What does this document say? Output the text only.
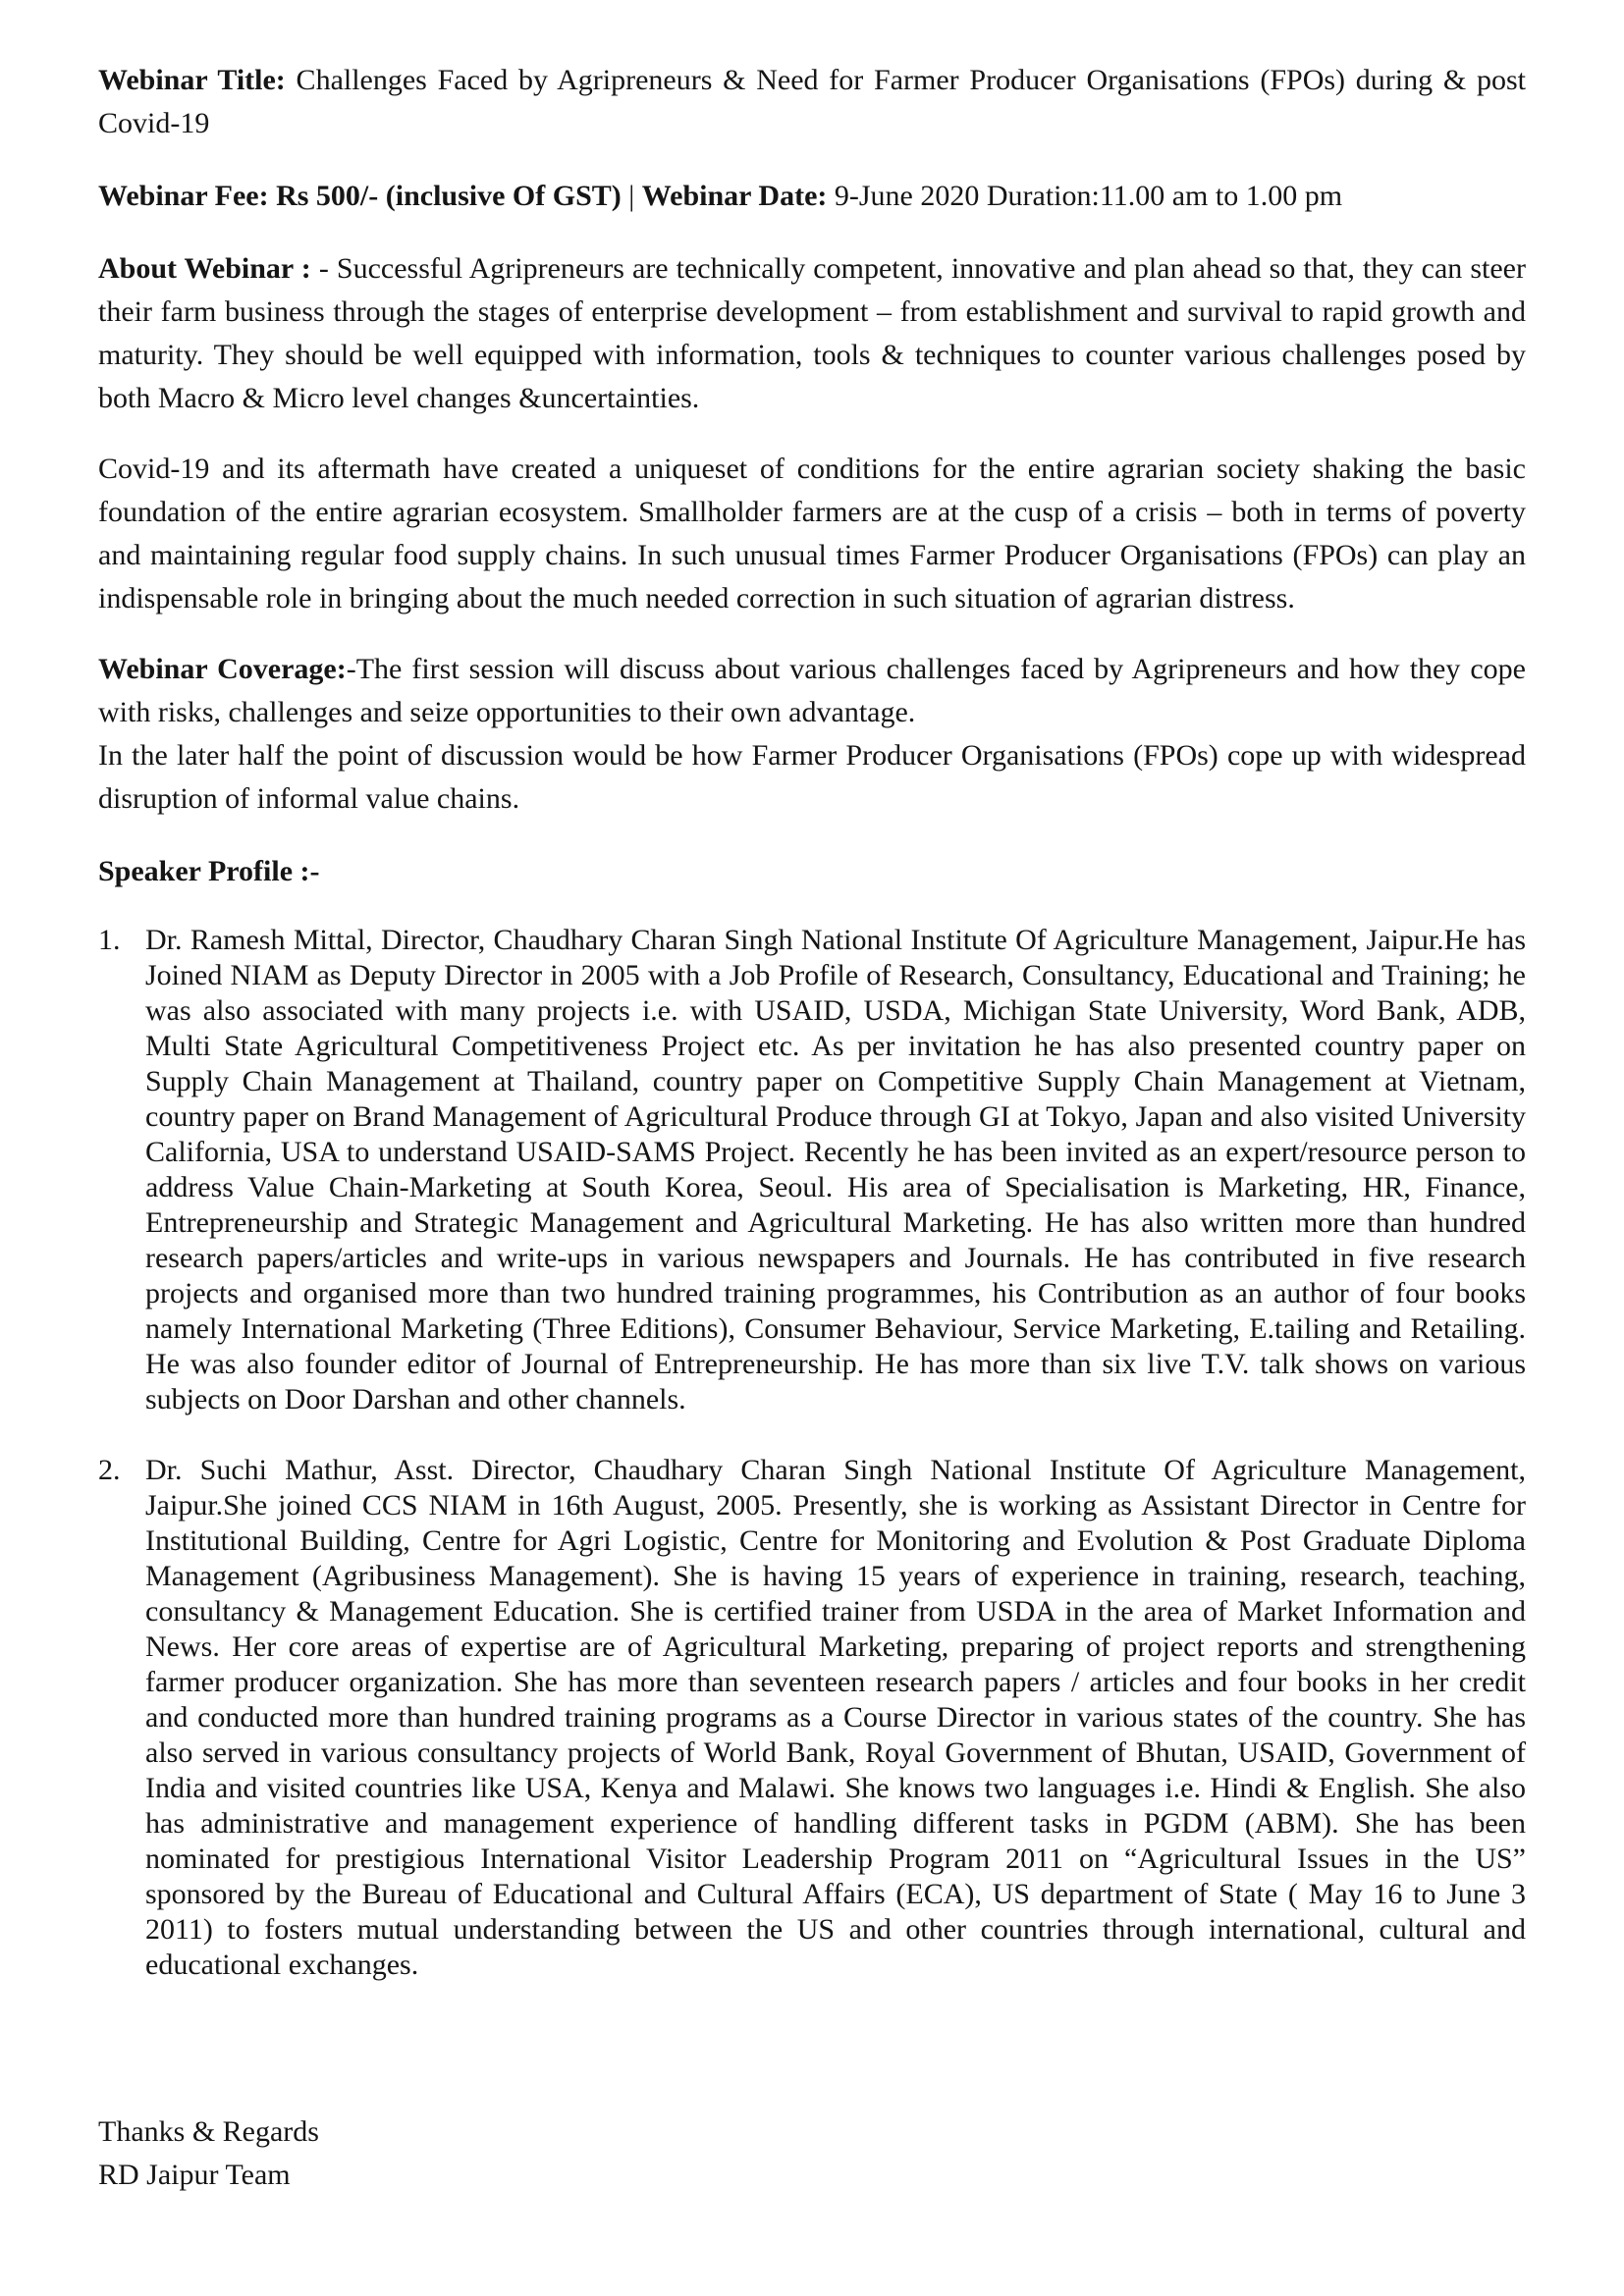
Webinar Title: Challenges Faced by Agripreneurs & Need for Farmer Producer Organisations (FPOs) during & post Covid-19

Webinar Fee: Rs 500/- (inclusive Of GST) | Webinar Date: 9-June 2020 Duration:11.00 am to 1.00 pm

About Webinar : - Successful Agripreneurs are technically competent, innovative and plan ahead so that, they can steer their farm business through the stages of enterprise development – from establishment and survival to rapid growth and maturity. They should be well equipped with information, tools & techniques to counter various challenges posed by both Macro & Micro level changes &uncertainties.

Covid-19 and its aftermath have created a uniqueset of conditions for the entire agrarian society shaking the basic foundation of the entire agrarian ecosystem. Smallholder farmers are at the cusp of a crisis – both in terms of poverty and maintaining regular food supply chains. In such unusual times Farmer Producer Organisations (FPOs) can play an indispensable role in bringing about the much needed correction in such situation of agrarian distress.

Webinar Coverage:-The first session will discuss about various challenges faced by Agripreneurs and how they cope with risks, challenges and seize opportunities to their own advantage.
In the later half the point of discussion would be how Farmer Producer Organisations (FPOs) cope up with widespread disruption of informal value chains.

Speaker Profile :-

1. Dr. Ramesh Mittal, Director, Chaudhary Charan Singh National Institute Of Agriculture Management, Jaipur.He has Joined NIAM as Deputy Director in 2005 with a Job Profile of Research, Consultancy, Educational and Training; he was also associated with many projects i.e. with USAID, USDA, Michigan State University, Word Bank, ADB, Multi State Agricultural Competitiveness Project etc. As per invitation he has also presented country paper on Supply Chain Management at Thailand, country paper on Competitive Supply Chain Management at Vietnam, country paper on Brand Management of Agricultural Produce through GI at Tokyo, Japan and also visited University California, USA to understand USAID-SAMS Project. Recently he has been invited as an expert/resource person to address Value Chain-Marketing at South Korea, Seoul. His area of Specialisation is Marketing, HR, Finance, Entrepreneurship and Strategic Management and Agricultural Marketing. He has also written more than hundred research papers/articles and write-ups in various newspapers and Journals. He has contributed in five research projects and organised more than two hundred training programmes, his Contribution as an author of four books namely International Marketing (Three Editions), Consumer Behaviour, Service Marketing, E.tailing and Retailing. He was also founder editor of Journal of Entrepreneurship. He has more than six live T.V. talk shows on various subjects on Door Darshan and other channels.
2. Dr. Suchi Mathur, Asst. Director, Chaudhary Charan Singh National Institute Of Agriculture Management, Jaipur.She joined CCS NIAM in 16th August, 2005. Presently, she is working as Assistant Director in Centre for Institutional Building, Centre for Agri Logistic, Centre for Monitoring and Evolution & Post Graduate Diploma Management (Agribusiness Management). She is having 15 years of experience in training, research, teaching, consultancy & Management Education. She is certified trainer from USDA in the area of Market Information and News. Her core areas of expertise are of Agricultural Marketing, preparing of project reports and strengthening farmer producer organization. She has more than seventeen research papers / articles and four books in her credit and conducted more than hundred training programs as a Course Director in various states of the country. She has also served in various consultancy projects of World Bank, Royal Government of Bhutan, USAID, Government of India and visited countries like USA, Kenya and Malawi. She knows two languages i.e. Hindi & English. She also has administrative and management experience of handling different tasks in PGDM (ABM). She has been nominated for prestigious International Visitor Leadership Program 2011 on “Agricultural Issues in the US” sponsored by the Bureau of Educational and Cultural Affairs (ECA), US department of State ( May 16 to June 3 2011) to fosters mutual understanding between the US and other countries through international, cultural and educational exchanges.
Thanks & Regards
RD Jaipur Team
